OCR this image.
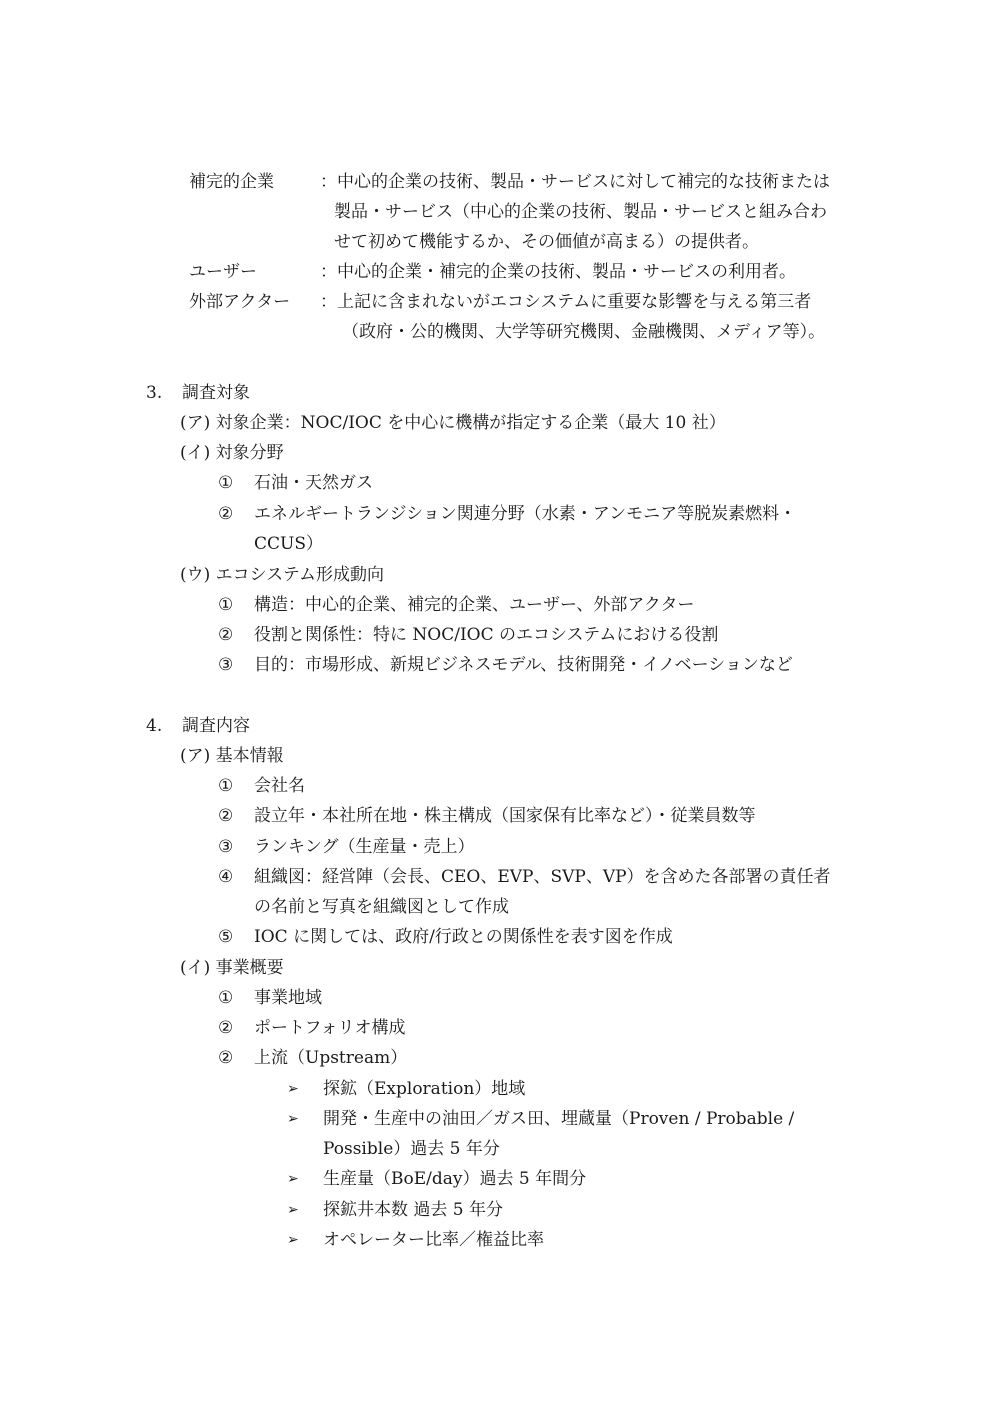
補完的企業	：中心的企業の技術、製品・サービスに対して補完的な技術または
製品・サービス（中心的企業の技術、製品・サービスと組み合わ
せて初めて機能するか、その価値が高まる）の提供者。
ユーザー	：中心的企業・補完的企業の技術、製品・サービスの利用者。
外部アクター ：上記に含まれないがエコシステムに重要な影響を与える第三者
（政府・公的機関、大学等研究機関、金融機関、メディア等）。
3. 調査対象
(ア) 対象企業：NOC/IOC を中心に機構が指定する企業（最大 10 社）
(イ) 対象分野
① 石油・天然ガス
② エネルギートランジション関連分野（水素・アンモニア等脱炭素燃料・
CCUS）
(ウ) エコシステム形成動向
① 構造：中心的企業、補完的企業、ユーザー、外部アクター
② 役割と関係性：特に NOC/IOC のエコシステムにおける役割
③ 目的：市場形成、新規ビジネスモデル、技術開発・イノベーションなど
4. 調査内容
(ア) 基本情報
① 会社名
② 設立年・本社所在地・株主構成（国家保有比率など）・従業員数等
③ ランキング（生産量・売上）
④ 組織図：経営陣（会長、CEO、EVP、SVP、VP）を含めた各部署の責任者
の名前と写真を組織図として作成
⑤ IOC に関しては、政府/行政との関係性を表す図を作成
(イ) 事業概要
① 事業地域
② ポートフォリオ構成
② 上流（Upstream）
➢ 探鉱（Exploration）地域
➢ 開発・生産中の油田／ガス田、埋蔵量（Proven / Probable /
Possible）過去 5 年分
➢ 生産量（BoE/day）過去 5 年間分
➢ 探鉱井本数 過去 5 年分
➢ オペレーター比率／権益比率
